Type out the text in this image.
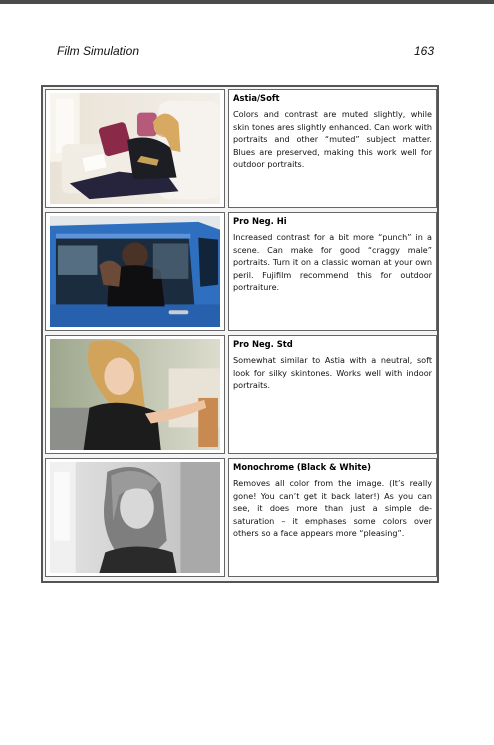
Film Simulation	163

Astia/Soft

Colors and contrast are muted slightly, while skin tones ares slightly enhanced. Can work with portraits and other “muted” subject matter. Blues are preserved, making this work well for outdoor portraits.

Pro Neg. Hi

Increased contrast for a bit more “punch” in a scene. Can make for good “craggy male” portraits. Turn it on a classic woman at your own peril. Fujifilm recommend this for outdoor portraiture.

Pro Neg. Std

Somewhat similar to Astia with a neutral, soft look for silky skintones. Works well with indoor portraits.

Monochrome (Black & White)

Removes all color from the image. (It’s really gone! You can’t get it back later!) As you can see, it does more than just a simple de-saturation – it emphases some colors over others so a face appears more “pleasing”.
